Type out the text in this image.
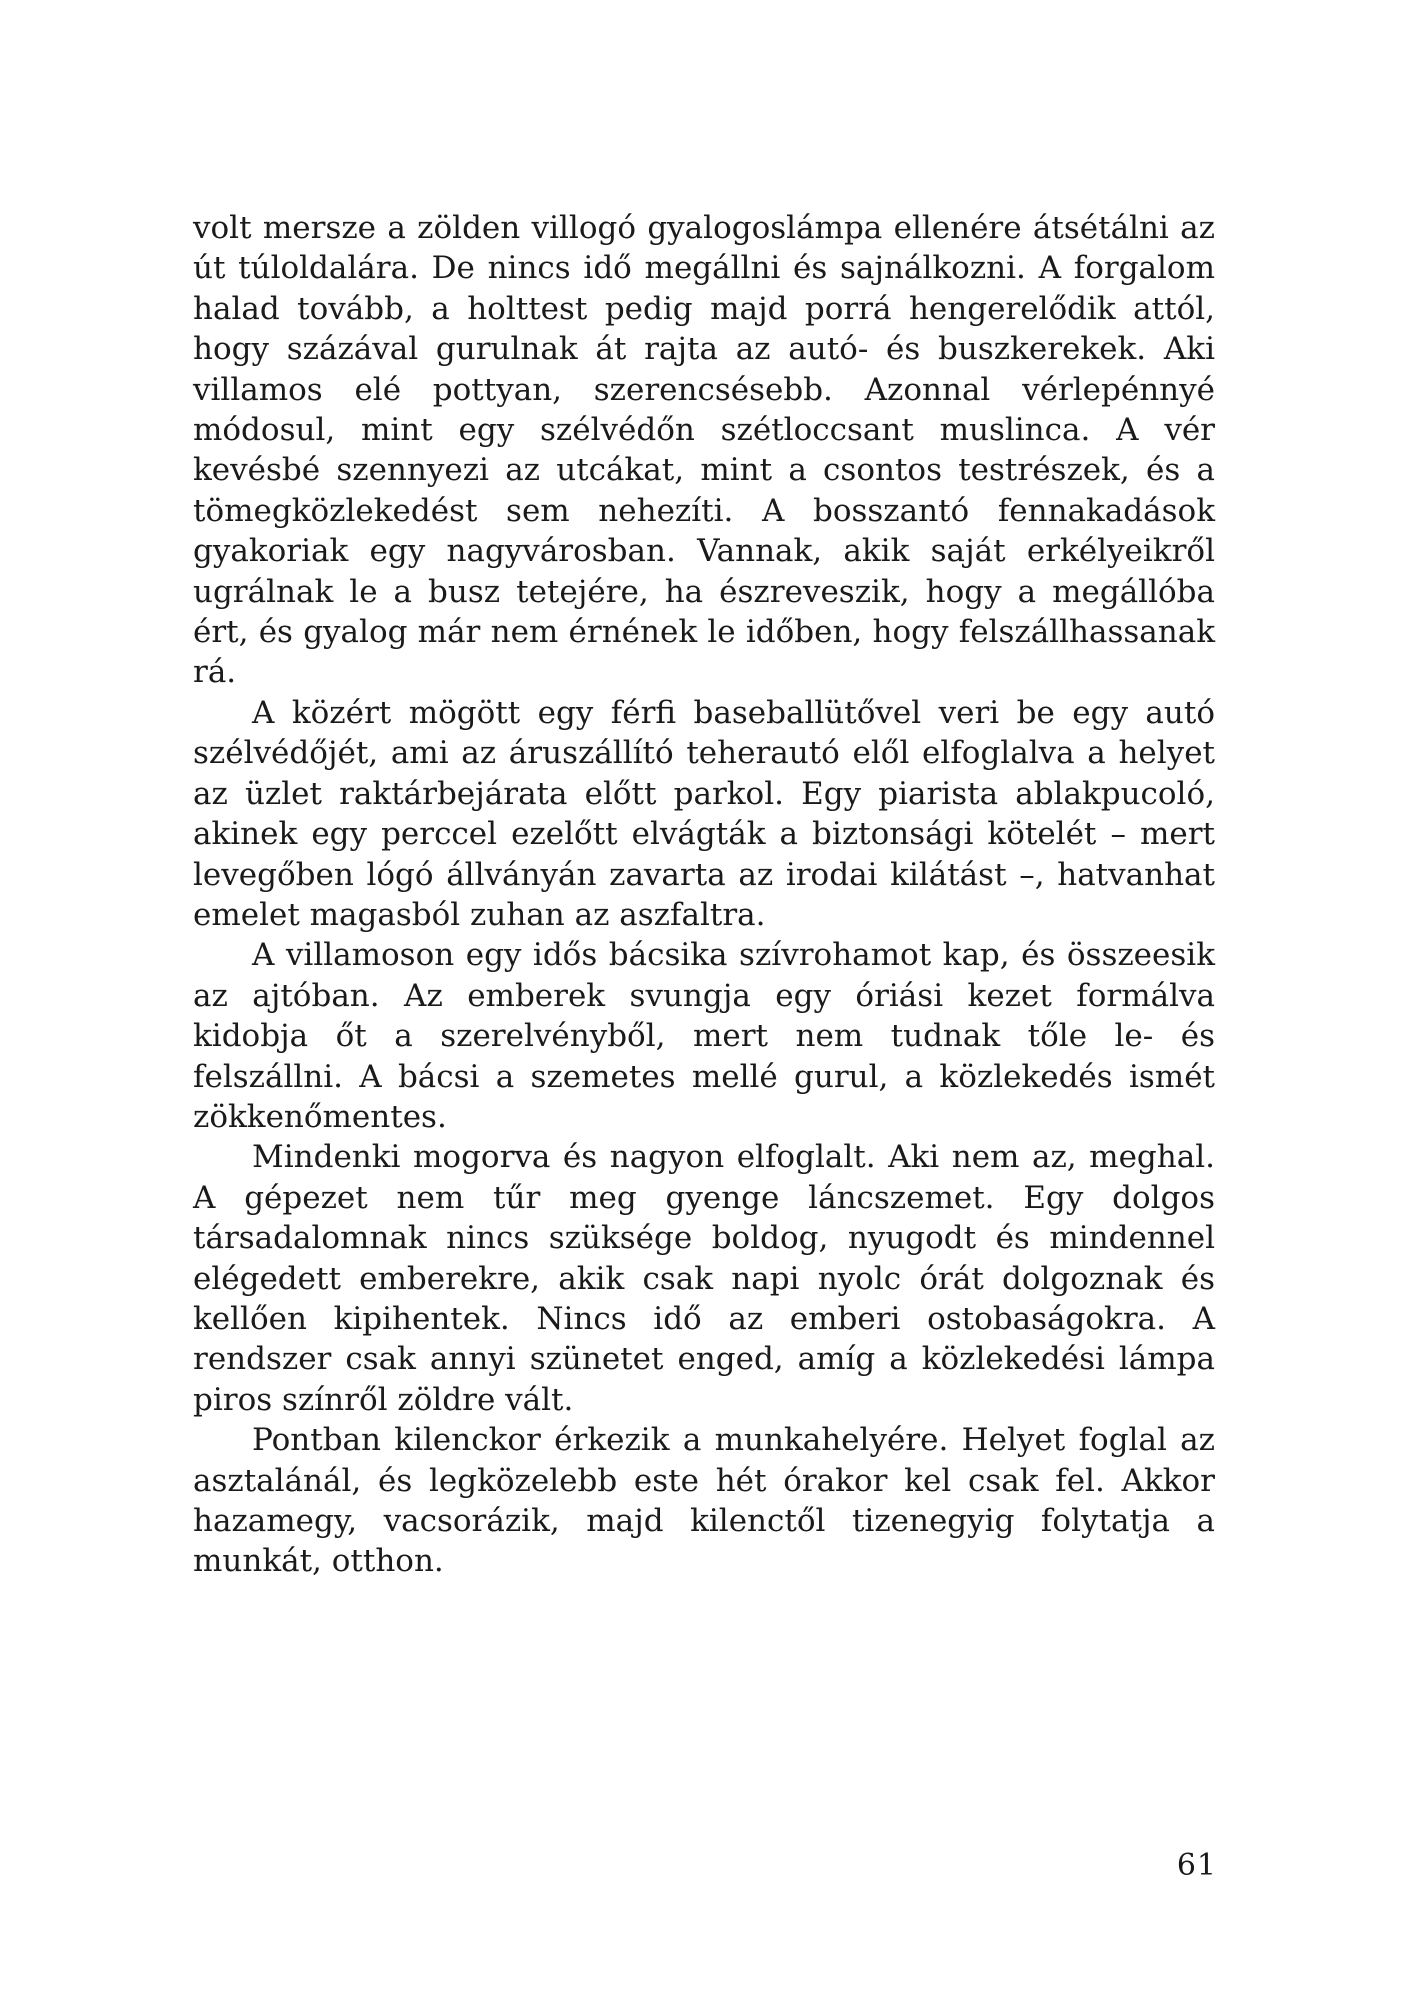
volt mersze a zölden villogó gyalogoslámpa ellenére átsétálni az út túloldalára. De nincs idő megállni és sajnálkozni. A forgalom halad tovább, a holttest pedig majd porrá hengerelődik attól, hogy százával gurulnak át rajta az autó- és buszkerekek. Aki villamos elé pottyan, szerencsésebb. Azonnal vérlepénnyé módosul, mint egy szélvédőn szétloccsant muslinca. A vér kevésbé szennyezi az utcákat, mint a csontos testrészek, és a tömegközlekedést sem nehezíti. A bosszantó fennakadások gyakoriak egy nagyvárosban. Vannak, akik saját erkélyeikről ugrálnak le a busz tetejére, ha észreveszik, hogy a megállóba ért, és gyalog már nem érnének le időben, hogy felszállhassanak rá.

A közért mögött egy férfi baseballütővel veri be egy autó szélvédőjét, ami az áruszállító teherautó elől elfoglalva a helyet az üzlet raktárbejárata előtt parkol. Egy piarista ablakpucoló, akinek egy perccel ezelőtt elvágták a biztonsági kötelét – mert levegőben lógó állványán zavarta az irodai kilátást –, hatvanhat emelet magasból zuhan az aszfaltra.

A villamoson egy idős bácsika szívrohamot kap, és összeesik az ajtóban. Az emberek svungja egy óriási kezet formálva kidobja őt a szerelvényből, mert nem tudnak tőle le- és felszállni. A bácsi a szemetes mellé gurul, a közlekedés ismét zökkenőmentes.

Mindenki mogorva és nagyon elfoglalt. Aki nem az, meghal. A gépezet nem tűr meg gyenge láncszemet. Egy dolgos társadalomnak nincs szüksége boldog, nyugodt és mindennel elégedett emberekre, akik csak napi nyolc órát dolgoznak és kellően kipihentek. Nincs idő az emberi ostobaságokra. A rendszer csak annyi szünetet enged, amíg a közlekedési lámpa piros színről zöldre vált.

Pontban kilenckor érkezik a munkahelyére. Helyet foglal az asztalánál, és legközelebb este hét órakor kel csak fel. Akkor hazamegy, vacsorázik, majd kilenctől tizenegyig folytatja a munkát, otthon.

61
